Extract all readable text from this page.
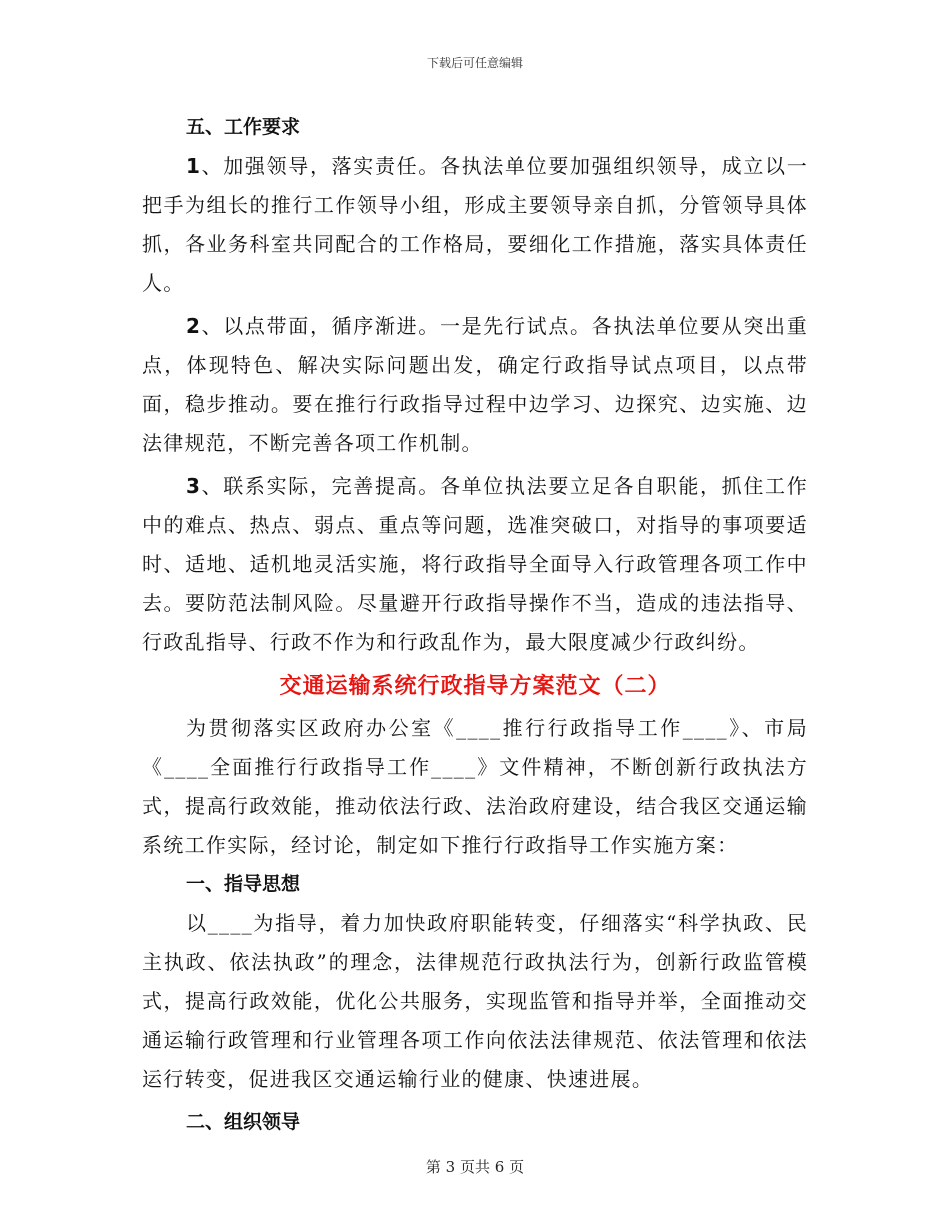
下载后可任意编辑

五、工作要求

1、加强领导，落实责任。各执法单位要加强组织领导，成立以一把手为组长的推行工作领导小组，形成主要领导亲自抓，分管领导具体抓，各业务科室共同配合的工作格局，要细化工作措施，落实具体责任人。

2、以点带面，循序渐进。一是先行试点。各执法单位要从突出重点，体现特色、解决实际问题出发，确定行政指导试点项目，以点带面，稳步推动。要在推行行政指导过程中边学习、边探究、边实施、边法律规范，不断完善各项工作机制。

3、联系实际，完善提高。各单位执法要立足各自职能，抓住工作中的难点、热点、弱点、重点等问题，选准突破口，对指导的事项要适时、适地、适机地灵活实施，将行政指导全面导入行政管理各项工作中去。要防范法制风险。尽量避开行政指导操作不当，造成的违法指导、行政乱指导、行政不作为和行政乱作为，最大限度减少行政纠纷。

交通运输系统行政指导方案范文（二）

为贯彻落实区政府办公室《____推行行政指导工作____》、市局《____全面推行行政指导工作____》文件精神，不断创新行政执法方式，提高行政效能，推动依法行政、法治政府建设，结合我区交通运输系统工作实际，经讨论，制定如下推行行政指导工作实施方案：

一、指导思想

以____为指导，着力加快政府职能转变，仔细落实“科学执政、民主执政、依法执政”的理念，法律规范行政执法行为，创新行政监管模式，提高行政效能，优化公共服务，实现监管和指导并举，全面推动交通运输行政管理和行业管理各项工作向依法法律规范、依法管理和依法运行转变，促进我区交通运输行业的健康、快速进展。

二、组织领导

第 3 页共 6 页
